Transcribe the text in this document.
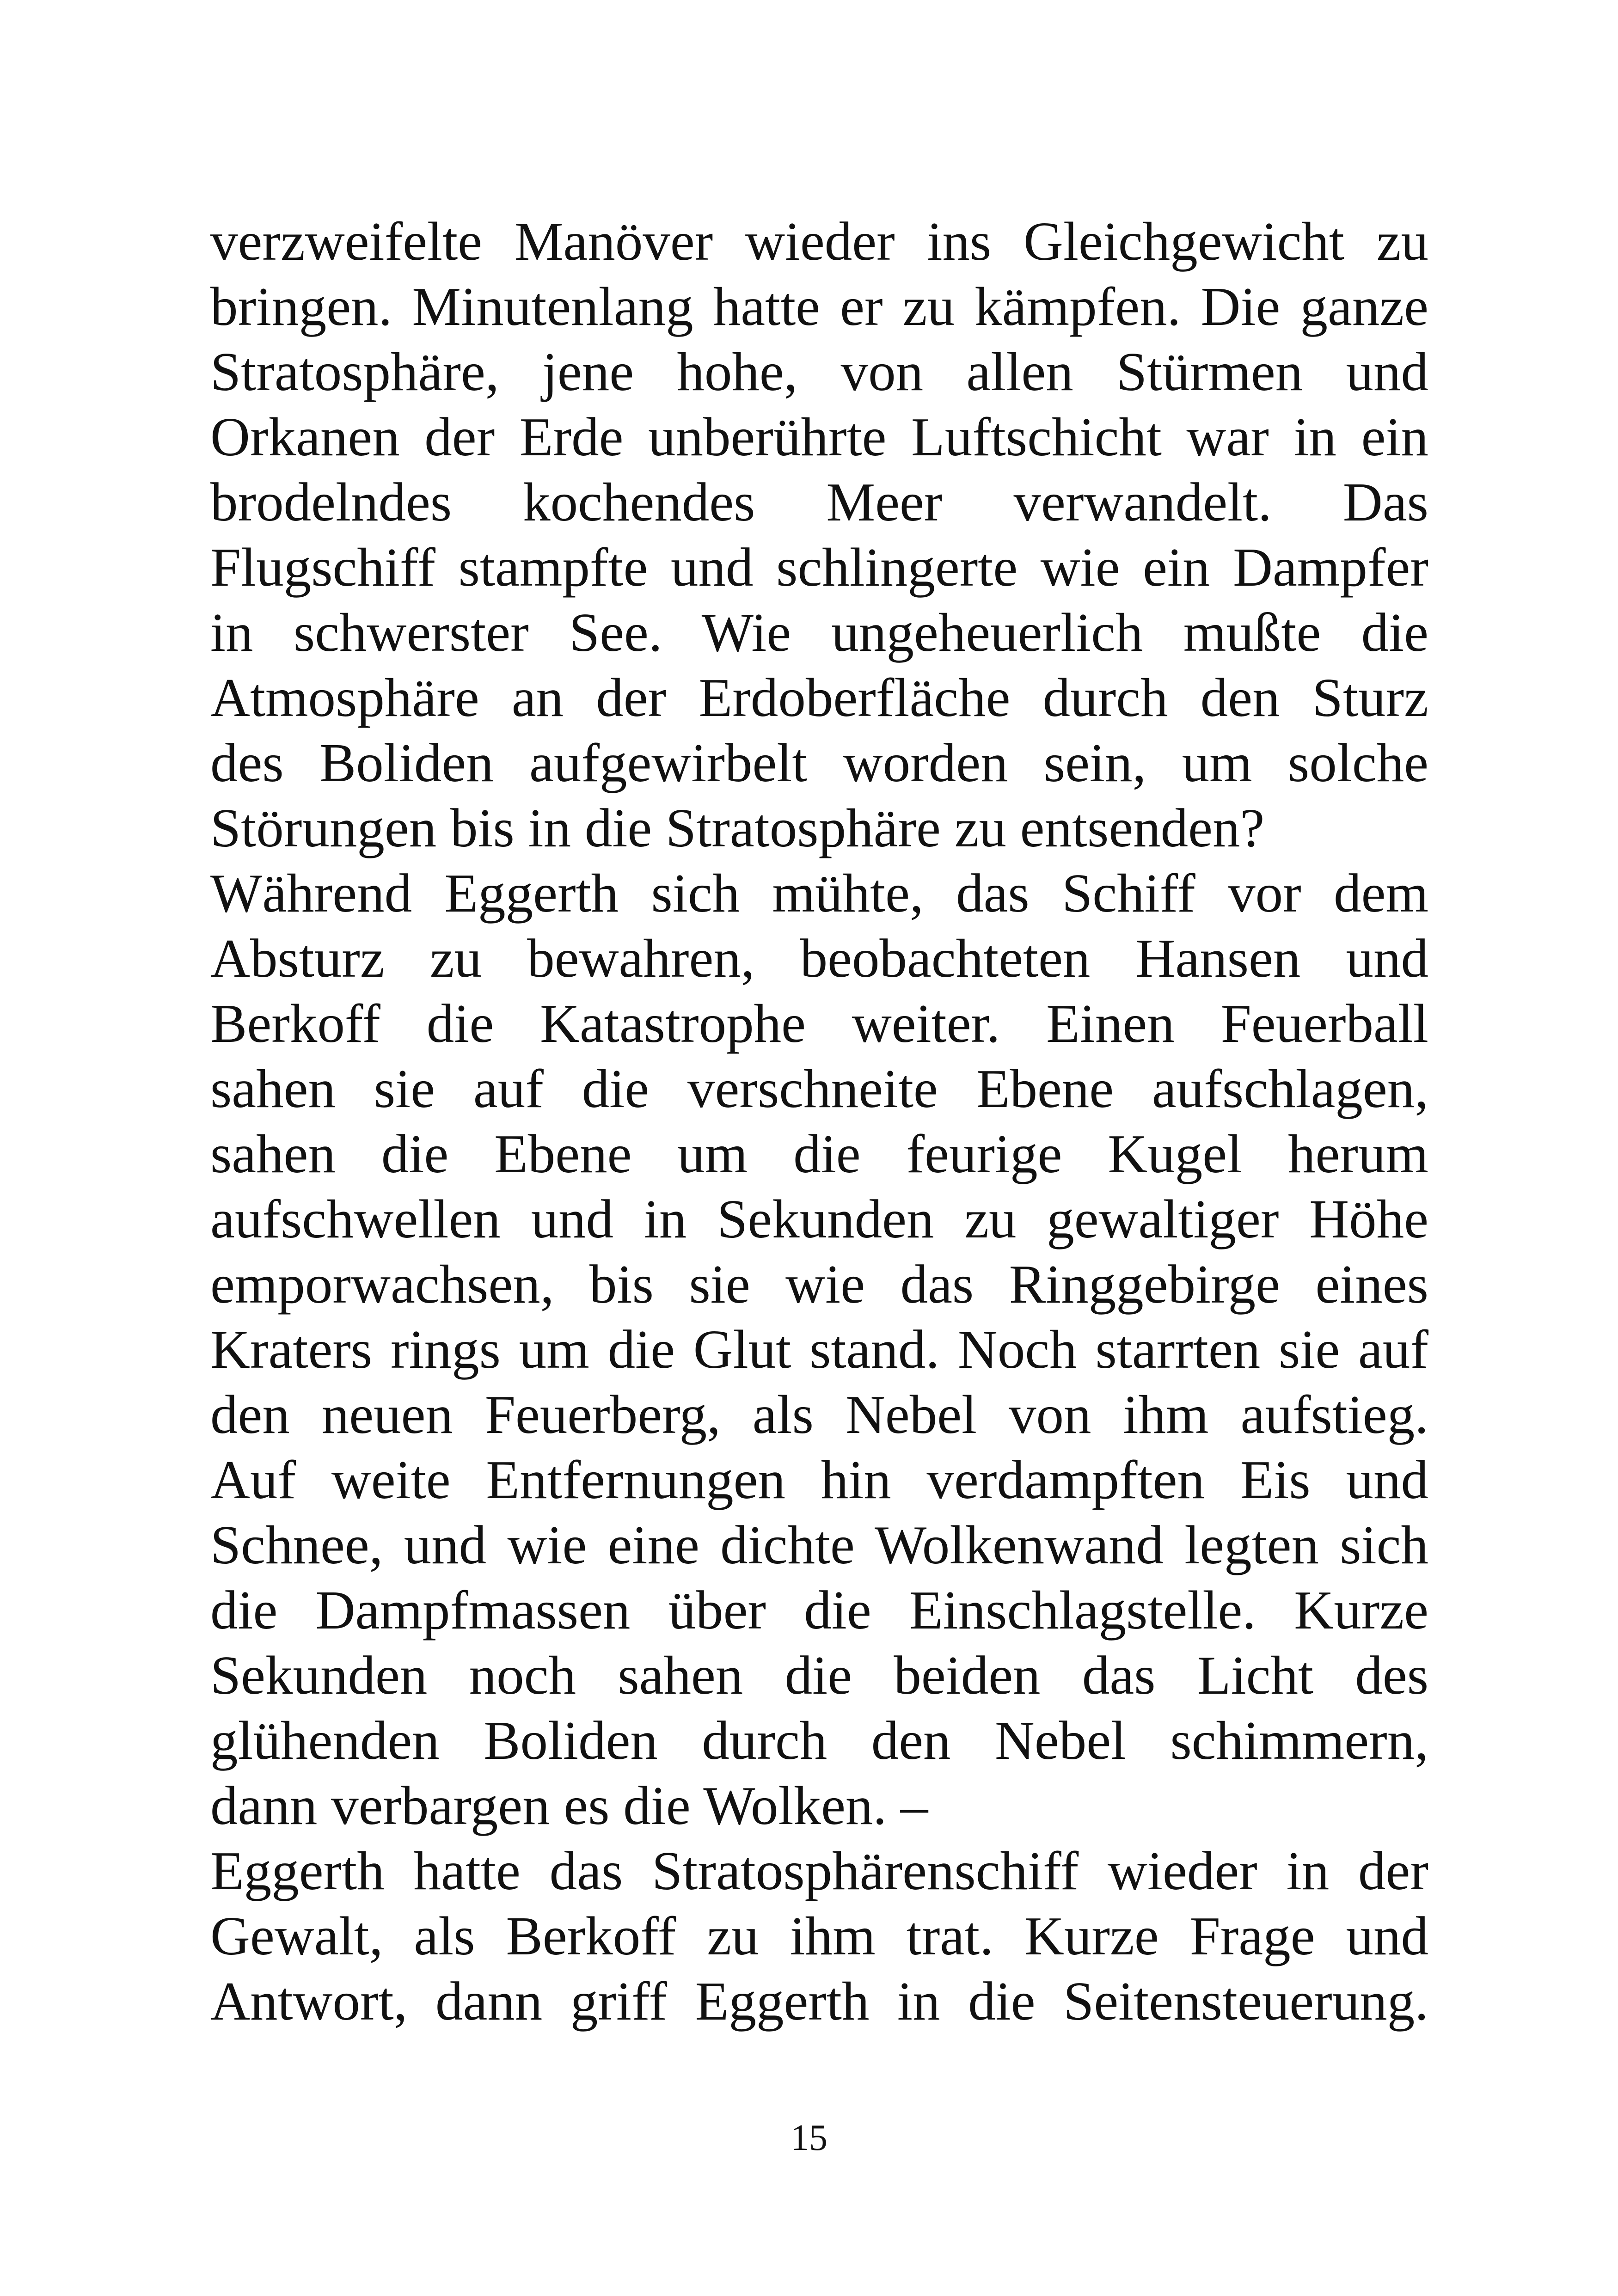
verzweifelte Manöver wieder ins Gleichgewicht zu
bringen. Minutenlang hatte er zu kämpfen. Die ganze
Stratosphäre, jene hohe, von allen Stürmen und
Orkanen der Erde unberührte Luftschicht war in ein
brodelndes kochendes Meer verwandelt. Das
Flugschiff stampfte und schlingerte wie ein Dampfer
in schwerster See. Wie ungeheuerlich mußte die
Atmosphäre an der Erdoberfläche durch den Sturz
des Boliden aufgewirbelt worden sein, um solche
Störungen bis in die Stratosphäre zu entsenden?
Während Eggerth sich mühte, das Schiff vor dem
Absturz zu bewahren, beobachteten Hansen und
Berkoff die Katastrophe weiter. Einen Feuerball
sahen sie auf die verschneite Ebene aufschlagen,
sahen die Ebene um die feurige Kugel herum
aufschwellen und in Sekunden zu gewaltiger Höhe
emporwachsen, bis sie wie das Ringgebirge eines
Kraters rings um die Glut stand. Noch starrten sie auf
den neuen Feuerberg, als Nebel von ihm aufstieg.
Auf weite Entfernungen hin verdampften Eis und
Schnee, und wie eine dichte Wolkenwand legten sich
die Dampfmassen über die Einschlagstelle. Kurze
Sekunden noch sahen die beiden das Licht des
glühenden Boliden durch den Nebel schimmern,
dann verbargen es die Wolken. –
Eggerth hatte das Stratosphärenschiff wieder in der
Gewalt, als Berkoff zu ihm trat. Kurze Frage und
Antwort, dann griff Eggerth in die Seitensteuerung.
15
